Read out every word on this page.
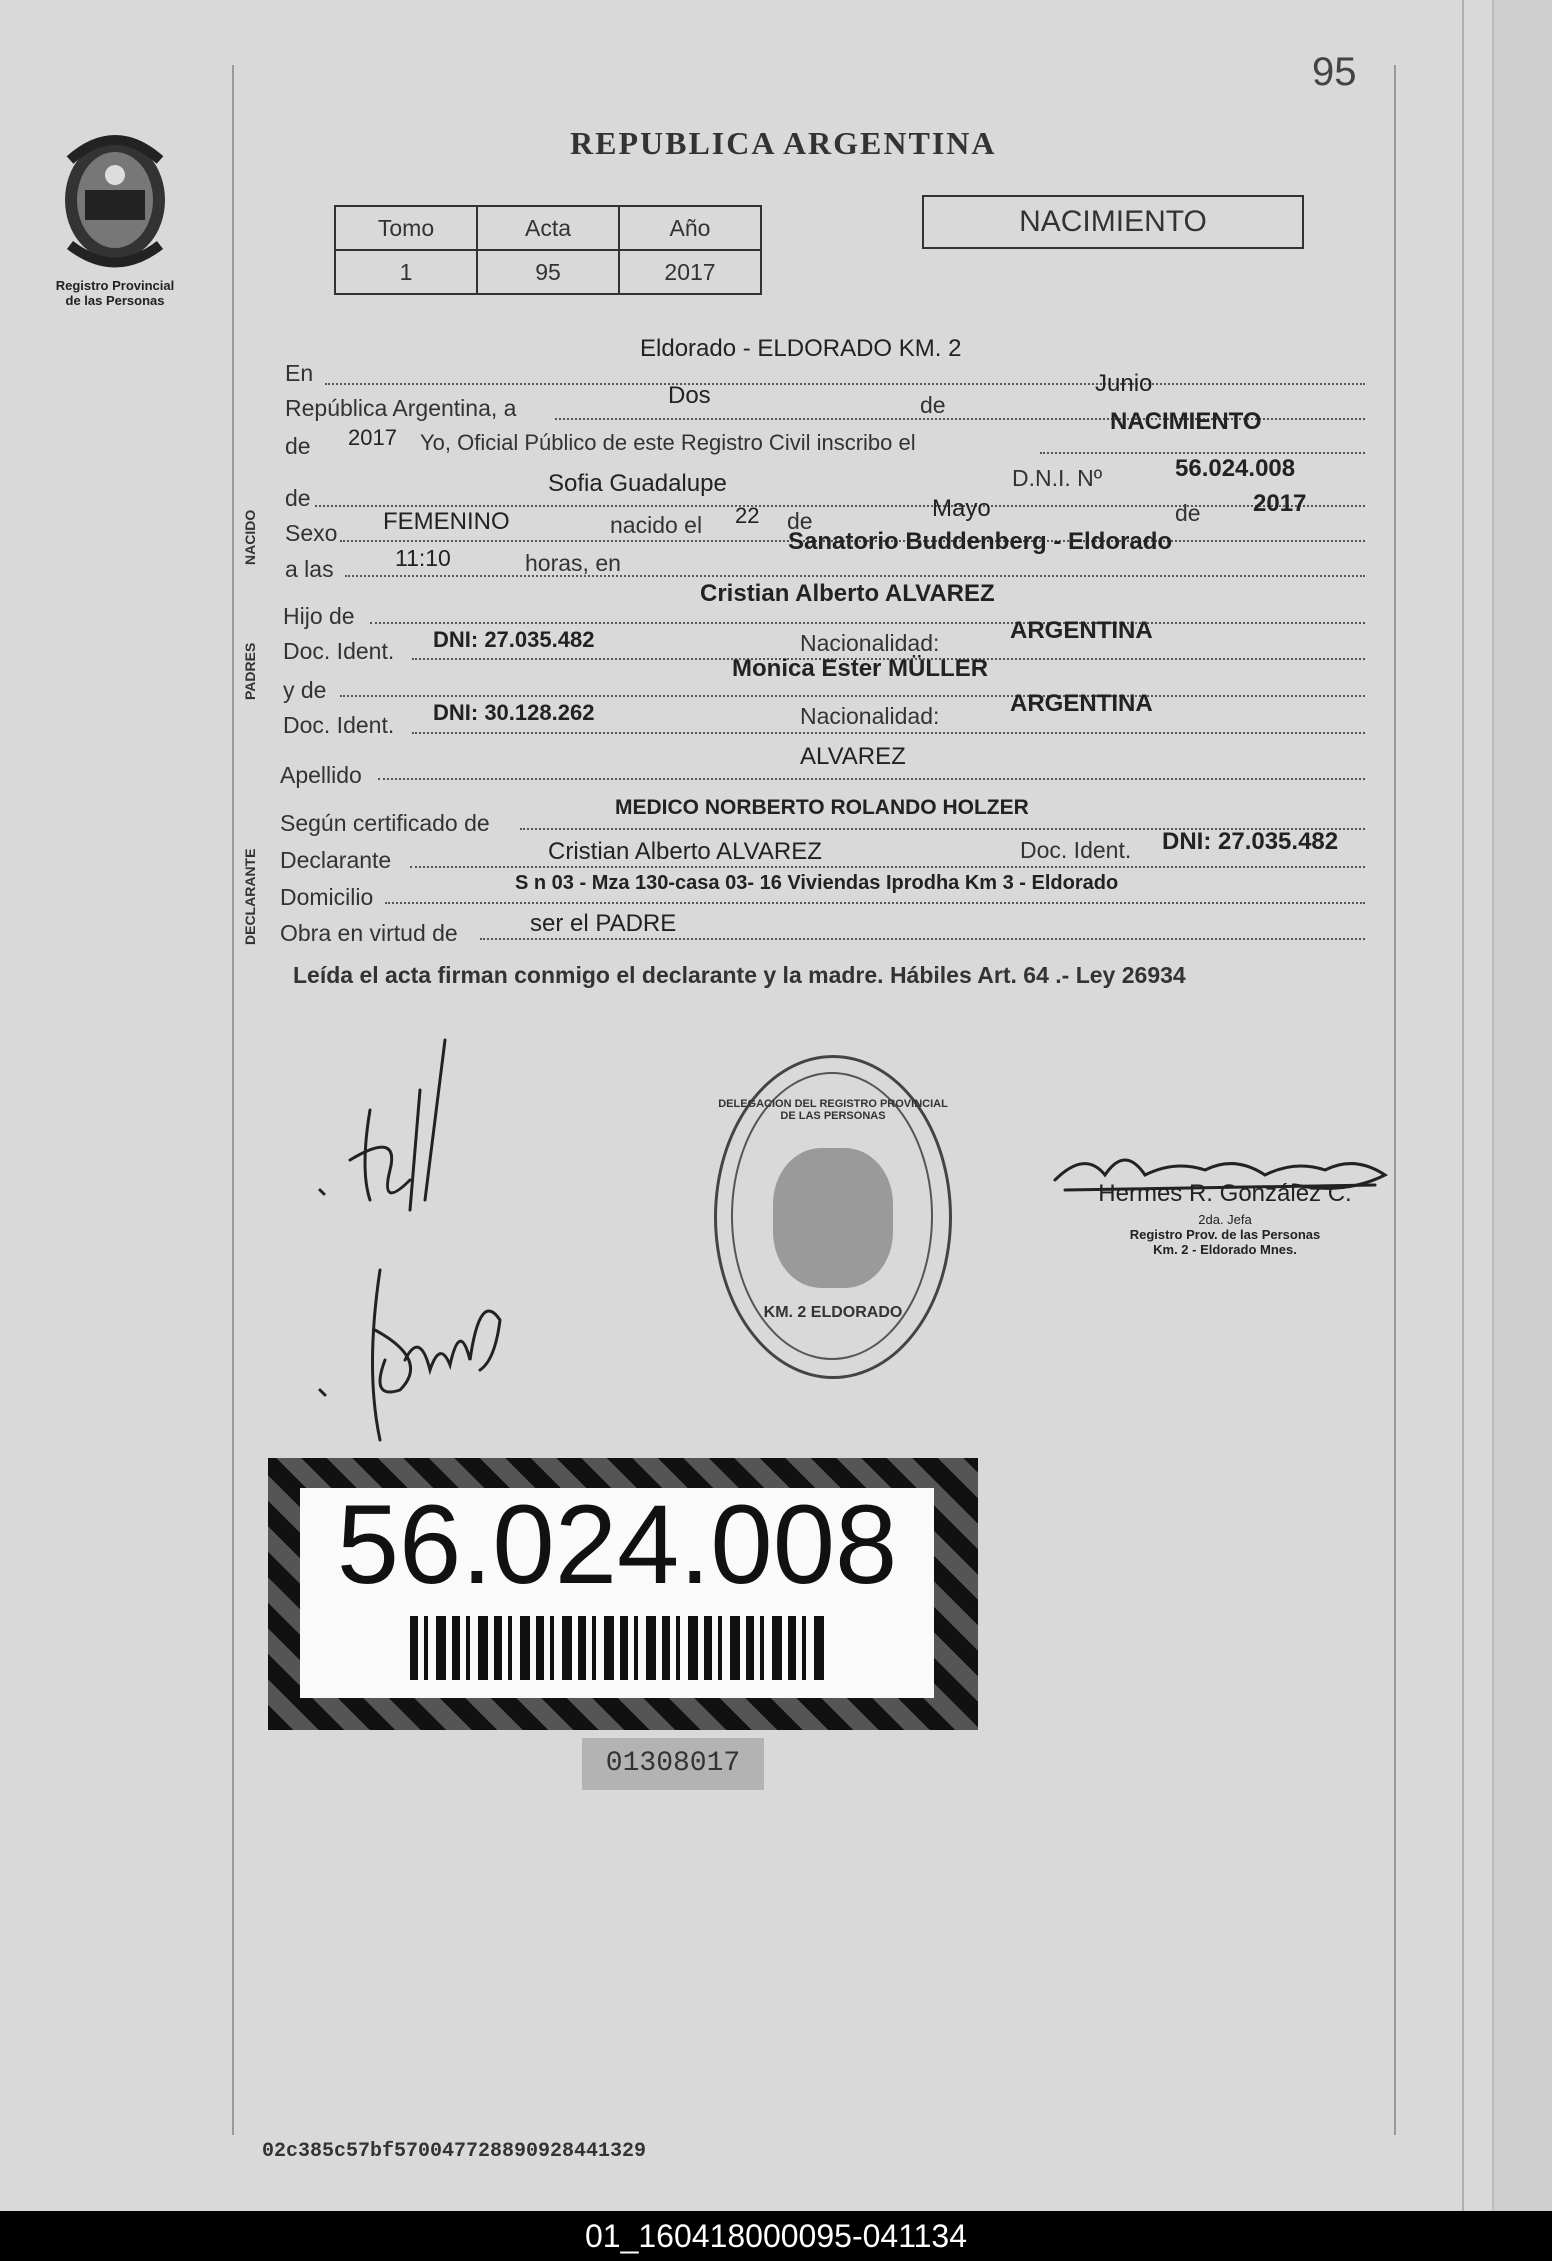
95
Registro Provincial
de las Personas
REPUBLICA ARGENTINA
Tomo	Acta	Año
1	95	2017
NACIMIENTO
NACIDO
PADRES
DECLARANTE
En
Eldorado - ELDORADO KM. 2
República Argentina, a	Dos	de
Junio
de 2017 Yo, Oficial Público de este Registro Civil inscribo el
NACIMIENTO
de
Sofia Guadalupe	D.N.I. Nº	56.024.008
Sexo FEMENINO	nacido el 22 de	Mayo	de 2017
a las	11:10	horas, en
Sanatorio Buddenberg - Eldorado
Hijo de
Cristian Alberto ALVAREZ
Doc. Ident. DNI: 27.035.482	Nacionalidad:	ARGENTINA
y de
Monica Ester MÜLLER
Doc. Ident. DNI: 30.128.262	Nacionalidad:	ARGENTINA
Apellido
ALVAREZ
Según certificado de
MEDICO NORBERTO ROLANDO HOLZER
Declarante	Cristian Alberto ALVAREZ	Doc. Ident. DNI: 27.035.482
Domicilio
S n 03 - Mza 130-casa 03- 16 Viviendas Iprodha Km 3 - Eldorado
Obra en virtud de	ser el PADRE
Leída el acta firman conmigo el declarante y la madre. Hábiles Art. 64 .- Ley 26934
DELEGACION DEL REGISTRO PROVINCIAL DE LAS PERSONAS
KM. 2 ELDORADO
Hermes R. González C.
2da. Jefa
Registro Prov. de las Personas
Km. 2 - Eldorado Mnes.
56.024.008
01308017
02c385c57bf5700477288909284413​29
01_160418000095-041134
